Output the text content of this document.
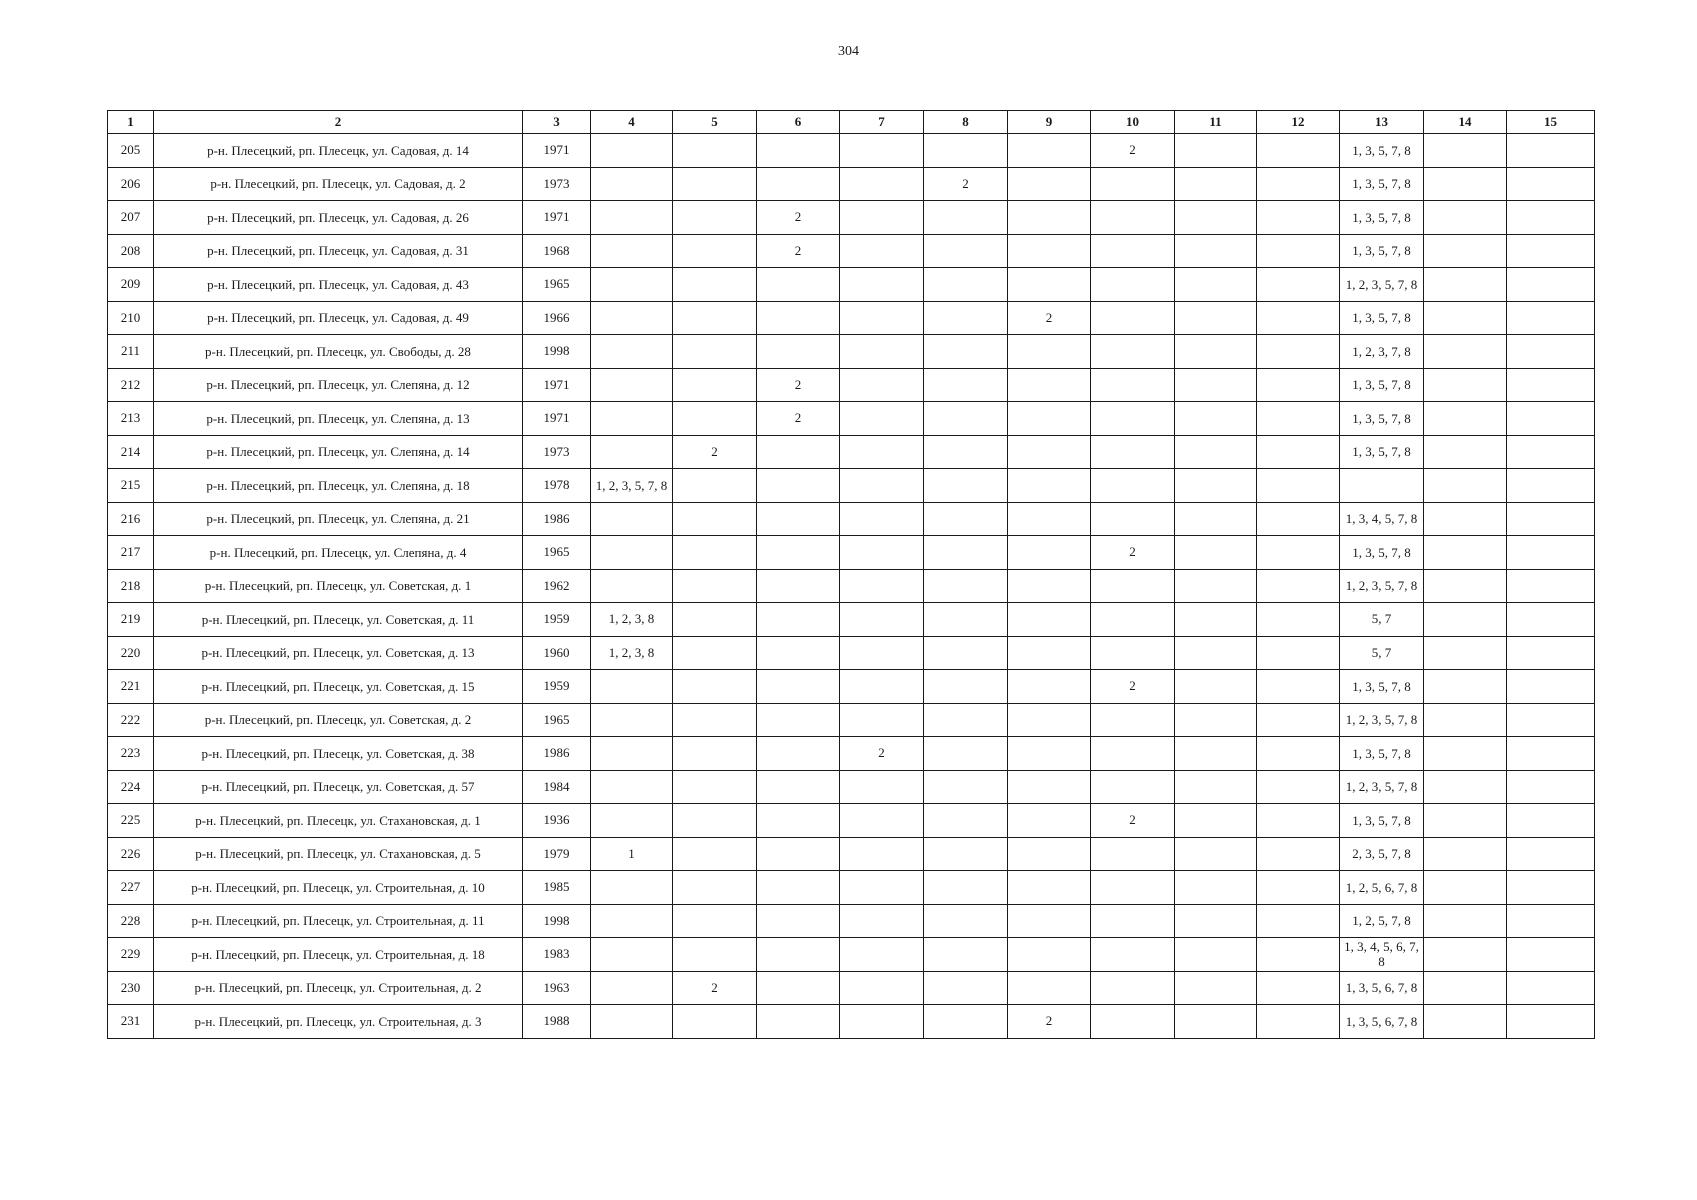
304
1	2	3	4	5	6	7	8	9	10	11	12	13	14	15
205	р-н. Плесецкий, рп. Плесецк, ул. Садовая, д. 14	1971							2			1, 3, 5, 7, 8		
206	р-н. Плесецкий, рп. Плесецк, ул. Садовая, д. 2	1973					2					1, 3, 5, 7, 8		
207	р-н. Плесецкий, рп. Плесецк, ул. Садовая, д. 26	1971			2							1, 3, 5, 7, 8		
208	р-н. Плесецкий, рп. Плесецк, ул. Садовая, д. 31	1968			2							1, 3, 5, 7, 8		
209	р-н. Плесецкий, рп. Плесецк, ул. Садовая, д. 43	1965										1, 2, 3, 5, 7, 8		
210	р-н. Плесецкий, рп. Плесецк, ул. Садовая, д. 49	1966						2				1, 3, 5, 7, 8		
211	р-н. Плесецкий, рп. Плесецк, ул. Свободы, д. 28	1998										1, 2, 3, 7, 8		
212	р-н. Плесецкий, рп. Плесецк, ул. Слепяна, д. 12	1971			2							1, 3, 5, 7, 8		
213	р-н. Плесецкий, рп. Плесецк, ул. Слепяна, д. 13	1971			2							1, 3, 5, 7, 8		
214	р-н. Плесецкий, рп. Плесецк, ул. Слепяна, д. 14	1973		2								1, 3, 5, 7, 8		
215	р-н. Плесецкий, рп. Плесецк, ул. Слепяна, д. 18	1978	1, 2, 3, 5, 7, 8											
216	р-н. Плесецкий, рп. Плесецк, ул. Слепяна, д. 21	1986										1, 3, 4, 5, 7, 8		
217	р-н. Плесецкий, рп. Плесецк, ул. Слепяна, д. 4	1965							2			1, 3, 5, 7, 8		
218	р-н. Плесецкий, рп. Плесецк, ул. Советская, д. 1	1962										1, 2, 3, 5, 7, 8		
219	р-н. Плесецкий, рп. Плесецк, ул. Советская, д. 11	1959	1, 2, 3, 8									5, 7		
220	р-н. Плесецкий, рп. Плесецк, ул. Советская, д. 13	1960	1, 2, 3, 8									5, 7		
221	р-н. Плесецкий, рп. Плесецк, ул. Советская, д. 15	1959							2			1, 3, 5, 7, 8		
222	р-н. Плесецкий, рп. Плесецк, ул. Советская, д. 2	1965										1, 2, 3, 5, 7, 8		
223	р-н. Плесецкий, рп. Плесецк, ул. Советская, д. 38	1986				2						1, 3, 5, 7, 8		
224	р-н. Плесецкий, рп. Плесецк, ул. Советская, д. 57	1984										1, 2, 3, 5, 7, 8		
225	р-н. Плесецкий, рп. Плесецк, ул. Стахановская, д. 1	1936							2			1, 3, 5, 7, 8		
226	р-н. Плесецкий, рп. Плесецк, ул. Стахановская, д. 5	1979	1									2, 3, 5, 7, 8		
227	р-н. Плесецкий, рп. Плесецк, ул. Строительная, д. 10	1985										1, 2, 5, 6, 7, 8		
228	р-н. Плесецкий, рп. Плесецк, ул. Строительная, д. 11	1998										1, 2, 5, 7, 8		
229	р-н. Плесецкий, рп. Плесецк, ул. Строительная, д. 18	1983										1, 3, 4, 5, 6, 7, 8		
230	р-н. Плесецкий, рп. Плесецк, ул. Строительная, д. 2	1963		2								1, 3, 5, 6, 7, 8		
231	р-н. Плесецкий, рп. Плесецк, ул. Строительная, д. 3	1988						2				1, 3, 5, 6, 7, 8		
